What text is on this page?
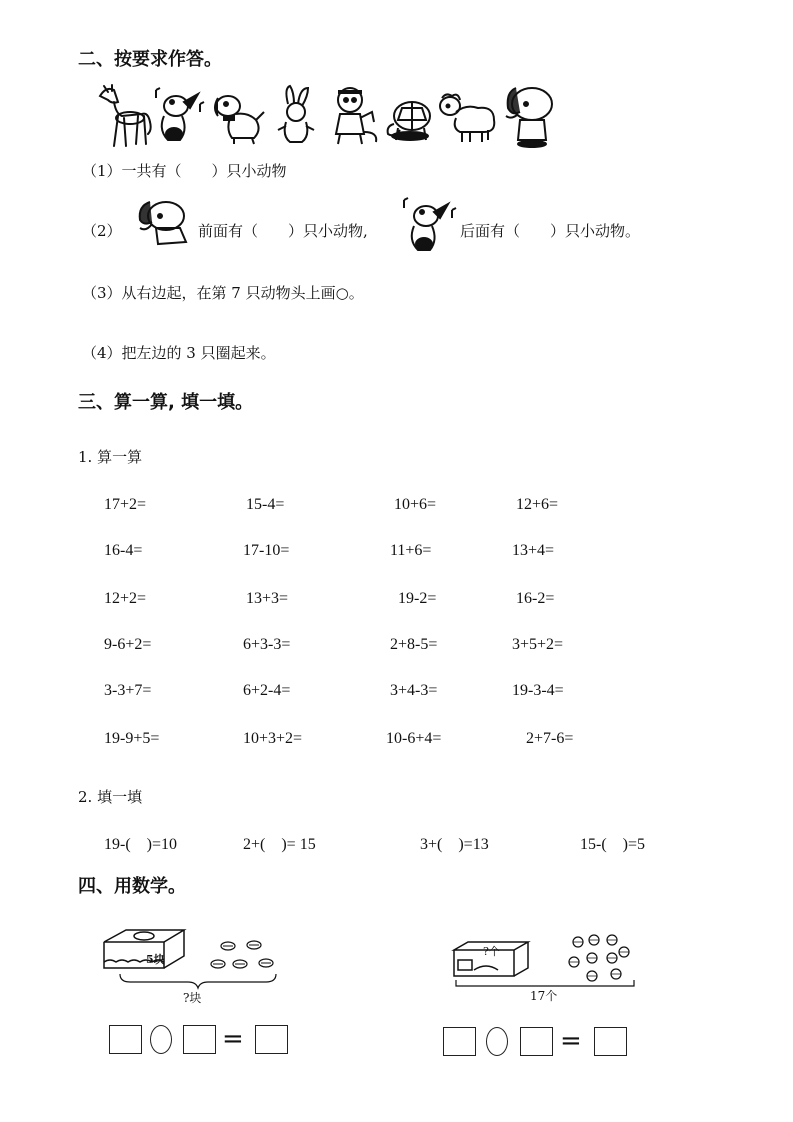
二、按要求作答。
（1）一共有（　　）只小动物
（2）	前面有（　　）只小动物,	后面有（　　）只小动物。
（3）从右边起，在第 7 只动物头上画○。
（4）把左边的 3 只圈起来。
三、算一算, 填一填。
1. 算一算
17+2=	15-4=	10+6=	12+6=
16-4=	17-10=	11+6=	13+4=
12+2=	13+3=	19-2=	16-2=
9-6+2=	6+3-3=	2+8-5=	3+5+2=
3-3+7=	6+2-4=	3+4-3=	19-3-4=
19-9+5=	10+3+2=	10-6+4=	2+7-6=
2. 填一填
19-(    )=10	2+(    )= 15	3+(    )=13	15-(    )=5
四、用数学。
5块
?块
=
?个
17个
=
